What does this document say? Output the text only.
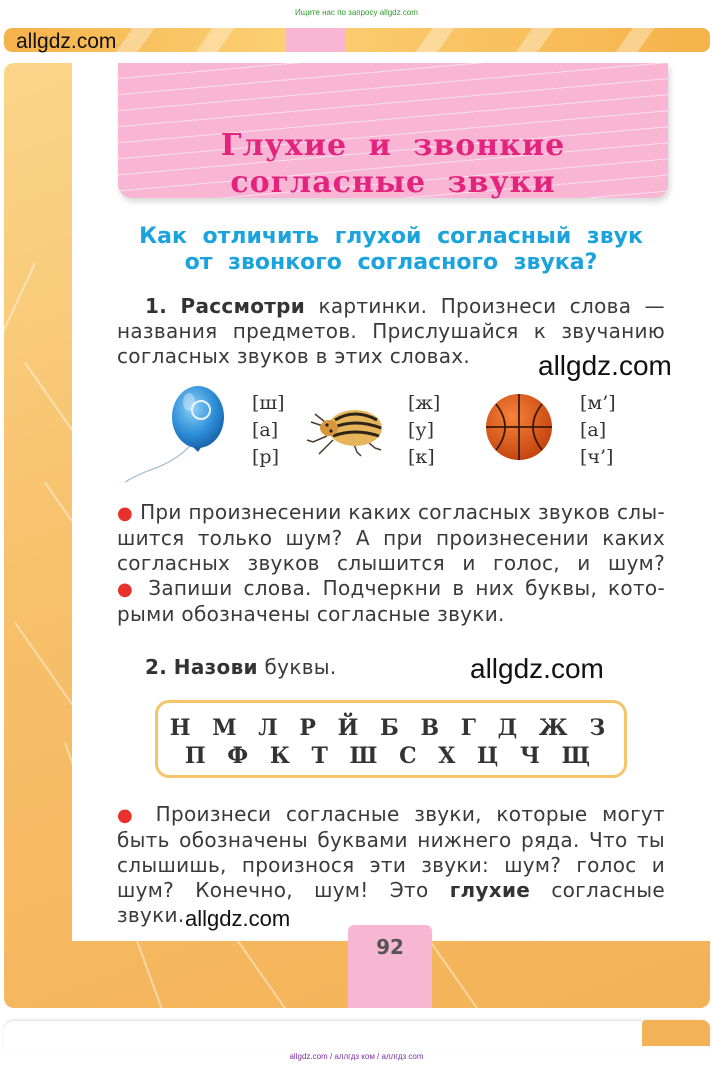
Ищите нас по запросу allgdz.com
Глухие и звонкие
согласные звуки
Как отличить глухой согласный звук
от звонкого согласного звука?
1. Рассмотри картинки. Произнеси слова —
названия предметов. Прислушайся к звучанию
согласных звуков в этих словах.
allgdz.com
allgdz.com
[ш]
[а]
[р]
[ж]
[у]
[к]
[м’]
[а]
[ч’]
● При произнесении каких согласных звуков слы-
шится только шум? А при произнесении каких
согласных звуков слышится и голос, и шум?
● Запиши слова. Подчеркни в них буквы, кото-
рыми обозначены согласные звуки.
2. Назови буквы.	allgdz.com
Н М Л Р Й Б В Г Д Ж З
П Ф К Т Ш С Х Ц Ч Щ
● Произнеси согласные звуки, которые могут
быть обозначены буквами нижнего ряда. Что ты
слышишь, произнося эти звуки: шум? голос и
шум? Конечно, шум! Это глухие согласные звуки. allgdz.com
92
allgdz.com / аллгдз ком / аллгдз com
